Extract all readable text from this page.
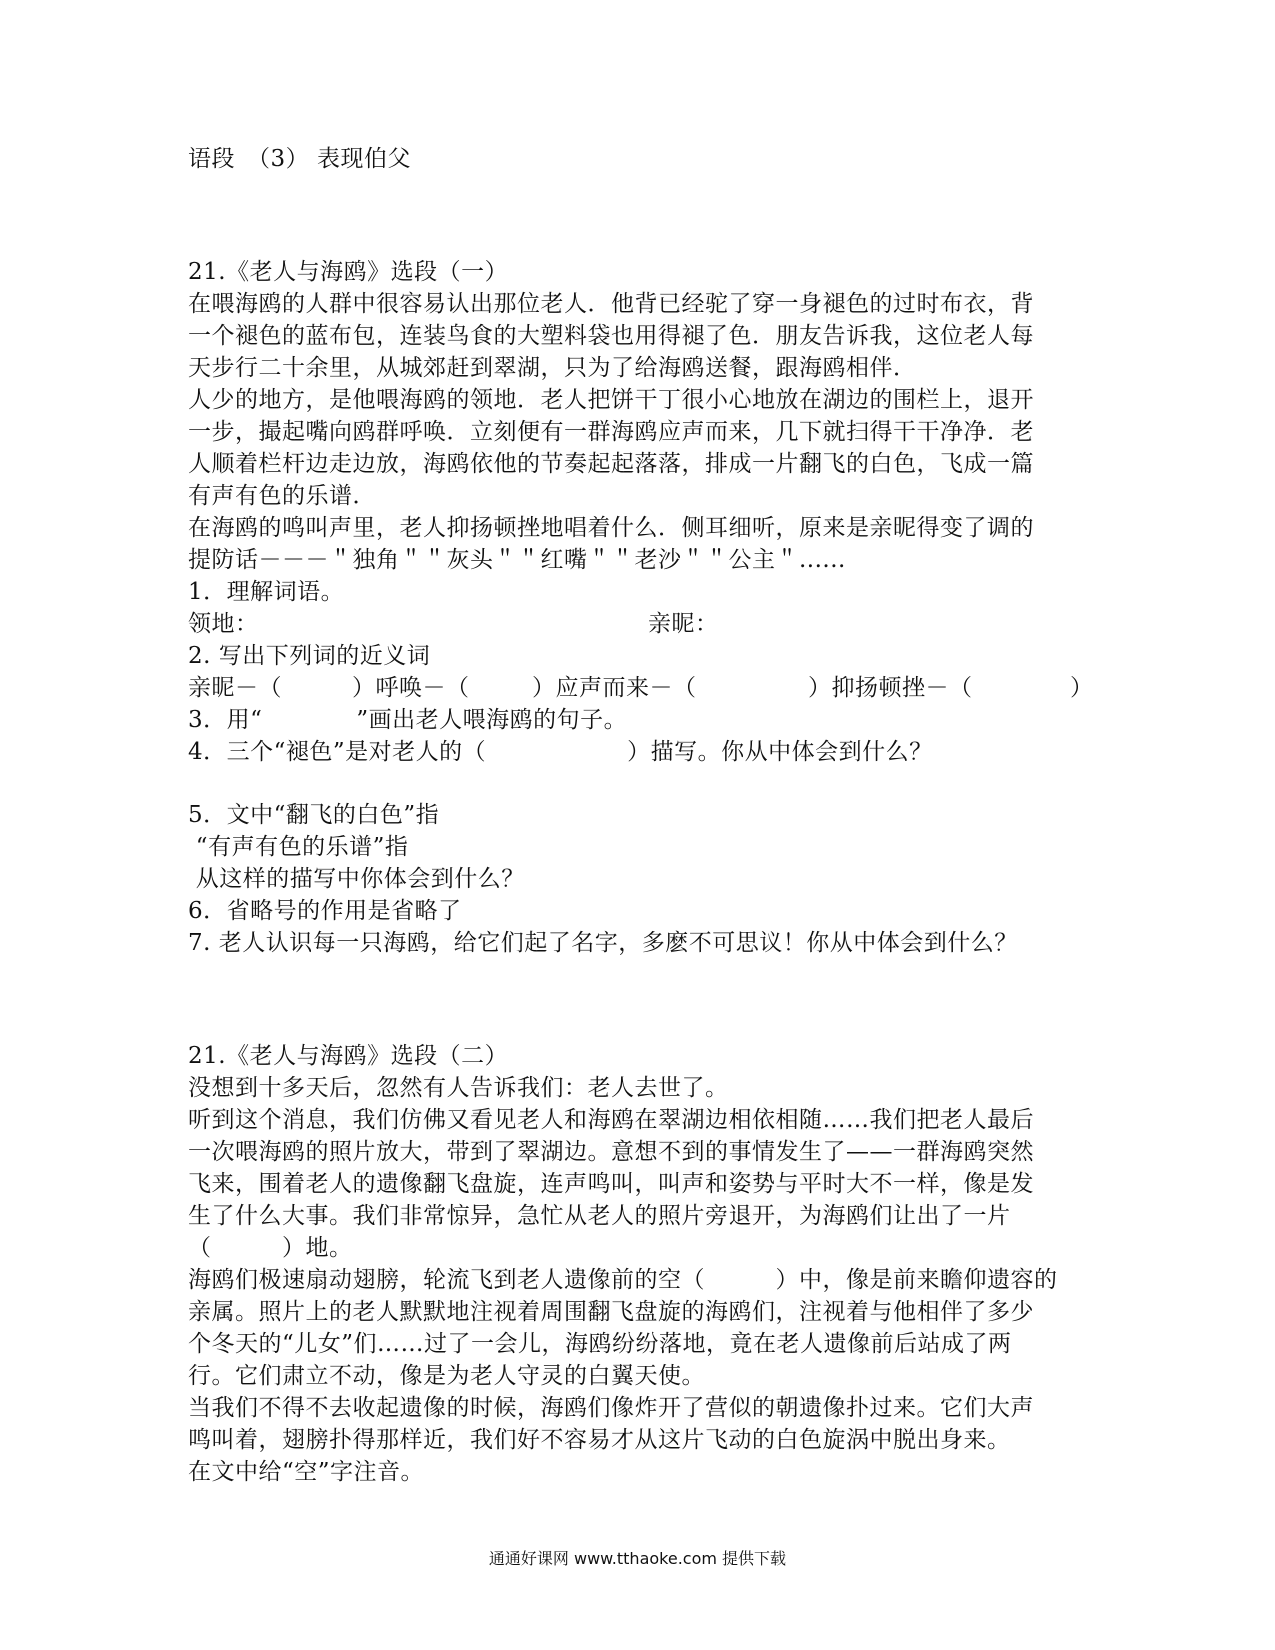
语段　（3） 表现伯父
21.《老人与海鸥》选段（一）
在喂海鸥的人群中很容易认出那位老人．他背已经驼了穿一身褪色的过时布衣，背
一个褪色的蓝布包，连装鸟食的大塑料袋也用得褪了色．朋友告诉我，这位老人每
天步行二十余里，从城郊赶到翠湖，只为了给海鸥送餐，跟海鸥相伴．
人少的地方，是他喂海鸥的领地．老人把饼干丁很小心地放在湖边的围栏上，退开
一步，撮起嘴向鸥群呼唤．立刻便有一群海鸥应声而来，几下就扫得干干净净．老
人顺着栏杆边走边放，海鸥依他的节奏起起落落，排成一片翻飞的白色，飞成一篇
有声有色的乐谱．
在海鸥的鸣叫声里，老人抑扬顿挫地唱着什么．侧耳细听，原来是亲昵得变了调的
提防话－－－＂独角＂＂灰头＂＂红嘴＂＂老沙＂＂公主＂......
1．理解词语。
领地：	亲昵：
2. 写出下列词的近义词
亲昵－（	）呼唤－（	）应声而来－（	）抑扬顿挫－（	）
3．用“　　　　”画出老人喂海鸥的句子。
4．三个“褪色”是对老人的（　　　　　　）描写。你从中体会到什么？
5．文中“翻飞的白色”指
“有声有色的乐谱”指
从这样的描写中你体会到什么？
6．省略号的作用是省略了
7. 老人认识每一只海鸥，给它们起了名字，多麽不可思议！你从中体会到什么？
21.《老人与海鸥》选段（二）
没想到十多天后，忽然有人告诉我们：老人去世了。
听到这个消息，我们仿佛又看见老人和海鸥在翠湖边相依相随……我们把老人最后
一次喂海鸥的照片放大，带到了翠湖边。意想不到的事情发生了——一群海鸥突然
飞来，围着老人的遗像翻飞盘旋，连声鸣叫，叫声和姿势与平时大不一样，像是发
生了什么大事。我们非常惊异，急忙从老人的照片旁退开，为海鸥们让出了一片
（　　　）地。
海鸥们极速扇动翅膀，轮流飞到老人遗像前的空（　　　）中，像是前来瞻仰遗容的
亲属。照片上的老人默默地注视着周围翻飞盘旋的海鸥们，注视着与他相伴了多少
个冬天的“儿女”们……过了一会儿，海鸥纷纷落地，竟在老人遗像前后站成了两
行。它们肃立不动，像是为老人守灵的白翼天使。
当我们不得不去收起遗像的时候，海鸥们像炸开了营似的朝遗像扑过来。它们大声
鸣叫着，翅膀扑得那样近，我们好不容易才从这片飞动的白色旋涡中脱出身来。
在文中给“空”字注音。
通通好课网 www.tthaoke.com 提供下载
